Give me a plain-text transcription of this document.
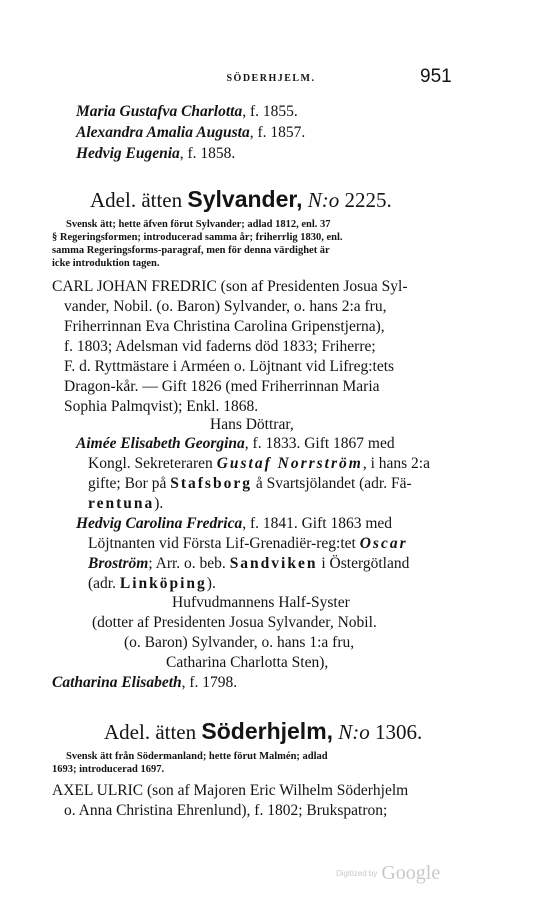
SÖDERHJELM.	951
Maria Gustafva Charlotta, f. 1855.
Alexandra Amalia Augusta, f. 1857.
Hedvig Eugenia, f. 1858.
Adel. ätten Sylvander, N:o 2225.
Svensk ätt; hette äfven förut Sylvander; adlad 1812, enl. 37
§ Regeringsformen; introducerad samma år; friherrlig 1830, enl.
samma Regeringsforms-paragraf, men för denna värdighet är
icke introduktion tagen.
CARL JOHAN FREDRIC (son af Presidenten Josua Syl-
vander, Nobil. (o. Baron) Sylvander, o. hans 2:a fru,
Friherrinnan Eva Christina Carolina Gripenstjerna),
f. 1803; Adelsman vid faderns död 1833; Friherre;
F. d. Ryttmästare i Arméen o. Löjtnant vid Lifreg:tets
Dragon-kår. — Gift 1826 (med Friherrinnan Maria
Sophia Palmqvist); Enkl. 1868.
Hans Döttrar,
Aimée Elisabeth Georgina, f. 1833. Gift 1867 med
Kongl. Sekreteraren Gustaf Norrström, i hans 2:a
gifte; Bor på Stafsborg å Svartsjölandet (adr. Fä-
rentuna).
Hedvig Carolina Fredrica, f. 1841. Gift 1863 med
Löjtnanten vid Första Lif-Grenadiër-reg:tet Oscar
Broström; Arr. o. beb. Sandviken i Östergötland
(adr. Linköping).
Hufvudmannens Half-Syster
(dotter af Presidenten Josua Sylvander, Nobil.
(o. Baron) Sylvander, o. hans 1:a fru,
Catharina Charlotta Sten),
Catharina Elisabeth, f. 1798.
Adel. ätten Söderhjelm, N:o 1306.
Svensk ätt från Södermanland; hette förut Malmén; adlad
1693; introducerad 1697.
AXEL ULRIC (son af Majoren Eric Wilhelm Söderhjelm
o. Anna Christina Ehrenlund), f. 1802; Brukspatron;
Digitized by Google
